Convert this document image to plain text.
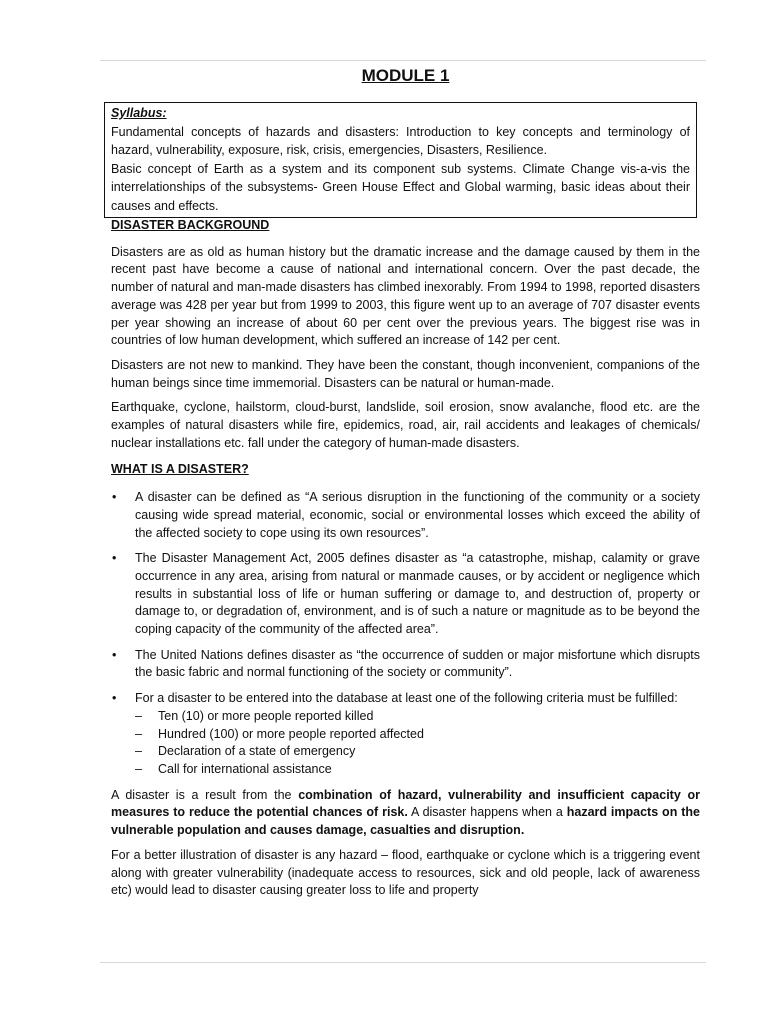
MODULE 1
Syllabus:

Fundamental concepts of hazards and disasters: Introduction to key concepts and terminology of hazard, vulnerability, exposure, risk, crisis, emergencies, Disasters, Resilience.

Basic concept of Earth as a system and its component sub systems. Climate Change vis-a-vis the interrelationships of the subsystems- Green House Effect and Global warming, basic ideas about their causes and effects.

DISASTER BACKGROUND

Disasters are as old as human history but the dramatic increase and the damage caused by them in the recent past have become a cause of national and international concern. Over the past decade, the number of natural and man-made disasters has climbed inexorably. From 1994 to 1998, reported disasters average was 428 per year but from 1999 to 2003, this figure went up to an average of 707 disaster events per year showing an increase of about 60 per cent over the previous years. The biggest rise was in countries of low human development, which suffered an increase of 142 per cent.

Disasters are not new to mankind. They have been the constant, though inconvenient, companions of the human beings since time immemorial. Disasters can be natural or human-made.

Earthquake, cyclone, hailstorm, cloud-burst, landslide, soil erosion, snow avalanche, flood etc. are the examples of natural disasters while fire, epidemics, road, air, rail accidents and leakages of chemicals/ nuclear installations etc. fall under the category of human-made disasters.

WHAT IS A DISASTER?
• A disaster can be defined as “A serious disruption in the functioning of the community or a society causing wide spread material, economic, social or environmental losses which exceed the ability of the affected society to cope using its own resources”.
• The Disaster Management Act, 2005 defines disaster as “a catastrophe, mishap, calamity or grave occurrence in any area, arising from natural or manmade causes, or by accident or negligence which results in substantial loss of life or human suffering or damage to, and destruction of, property or damage to, or degradation of, environment, and is of such a nature or magnitude as to be beyond the coping capacity of the community of the affected area”.
• The United Nations defines disaster as “the occurrence of sudden or major misfortune which disrupts the basic fabric and normal functioning of the society or community”.
• For a disaster to be entered into the database at least one of the following criteria must be fulfilled:
– Ten (10) or more people reported killed
– Hundred (100) or more people reported affected
– Declaration of a state of emergency
– Call for international assistance

A disaster is a result from the combination of hazard, vulnerability and insufficient capacity or measures to reduce the potential chances of risk. A disaster happens when a hazard impacts on the vulnerable population and causes damage, casualties and disruption.

For a better illustration of disaster is any hazard – flood, earthquake or cyclone which is a triggering event along with greater vulnerability (inadequate access to resources, sick and old people, lack of awareness etc) would lead to disaster causing greater loss to life and property
